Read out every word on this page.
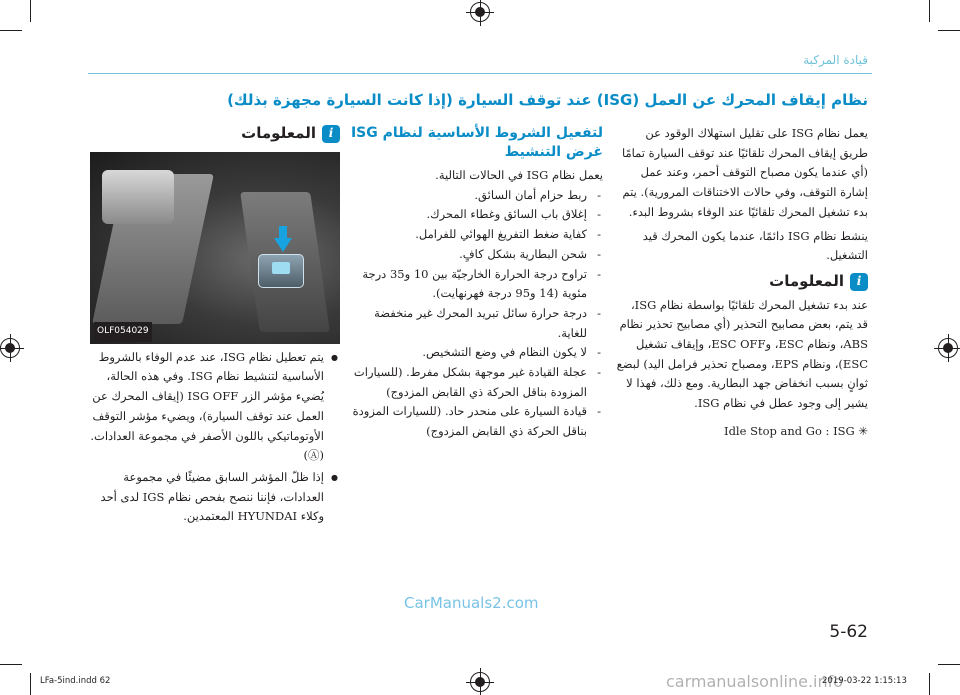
قيادة المركبة
نظام إيقاف المحرك عن العمل (ISG) عند توقف السيارة (إذا كانت السيارة مجهزة بذلك)

يعمل نظام ISG على تقليل استهلاك الوقود عن طريق إيقاف المحرك تلقائيًا عند توقف السيارة تمامًا (أي عندما يكون مصباح التوقف أحمر، وعند عمل إشارة التوقف، وفي حالات الاختناقات المرورية). يتم بدء تشغيل المحرك تلقائيًا عند الوفاء بشروط البدء.

ينشط نظام ISG دائمًا، عندما يكون المحرك قيد التشغيل.

i
المعلومات

عند بدء تشغيل المحرك تلقائيًا بواسطة نظام ISG، قد يتم، بعض مصابيح التحذير (أي مصابيح تحذير نظام ABS، ونظام ESC، وESC OFF، وإيقاف تشغيل ESC)، ونظام EPS، ومصباح تحذير فرامل اليد) لبضع ثوانٍ بسبب انخفاض جهد البطارية. ومع ذلك، فهذا لا يشير إلى وجود عطل في نظام ISG.

✳ Idle Stop and Go : ISG

لتفعيل الشروط الأساسية لنظام ISG غرض التنشيط

يعمل نظام ISG في الحالات التالية.

- ربط حزام أمان السائق.
- إغلاق باب السائق وغطاء المحرك.
- كفاية ضغط التفريغ الهوائي للفرامل.
- شحن البطارية بشكل كافٍ.
- تراوح درجة الحرارة الخارجيّة بين 10 و35 درجة مئوية (14 و95 درجة فهرنهايت).
- درجة حرارة سائل تبريد المحرك غير منخفضة للغاية.
- لا يكون النظام في وضع التشخيص.
- عجلة القيادة غير موجهة بشكل مفرط. (للسيارات المزودة بناقل الحركة ذي القابض المزدوج)
- قيادة السيارة على منحدر حاد. (للسيارات المزودة بناقل الحركة ذي القابض المزدوج)
i
المعلومات
OLF054029
● يتم تعطيل نظام ISG، عند عدم الوفاء بالشروط الأساسية لتنشيط نظام ISG. وفي هذه الحالة، يُضيء مؤشر الزر ISG OFF (إيقاف المحرك عن العمل عند توقف السيارة)، ويضيء مؤشر التوقف الأوتوماتيكي باللون الأصفر في مجموعة العدادات. (Ⓐ)
● إذا ظلّ المؤشر السابق مضيئًا في مجموعة العدادات، فإننا ننصح بفحص نظام IGS لدى أحد وكلاء HYUNDAI المعتمدين.
CarManuals2.com
5-62
LFa-5ind.indd 62	carmanualsonline.info
2019-03-22 1:15:13
